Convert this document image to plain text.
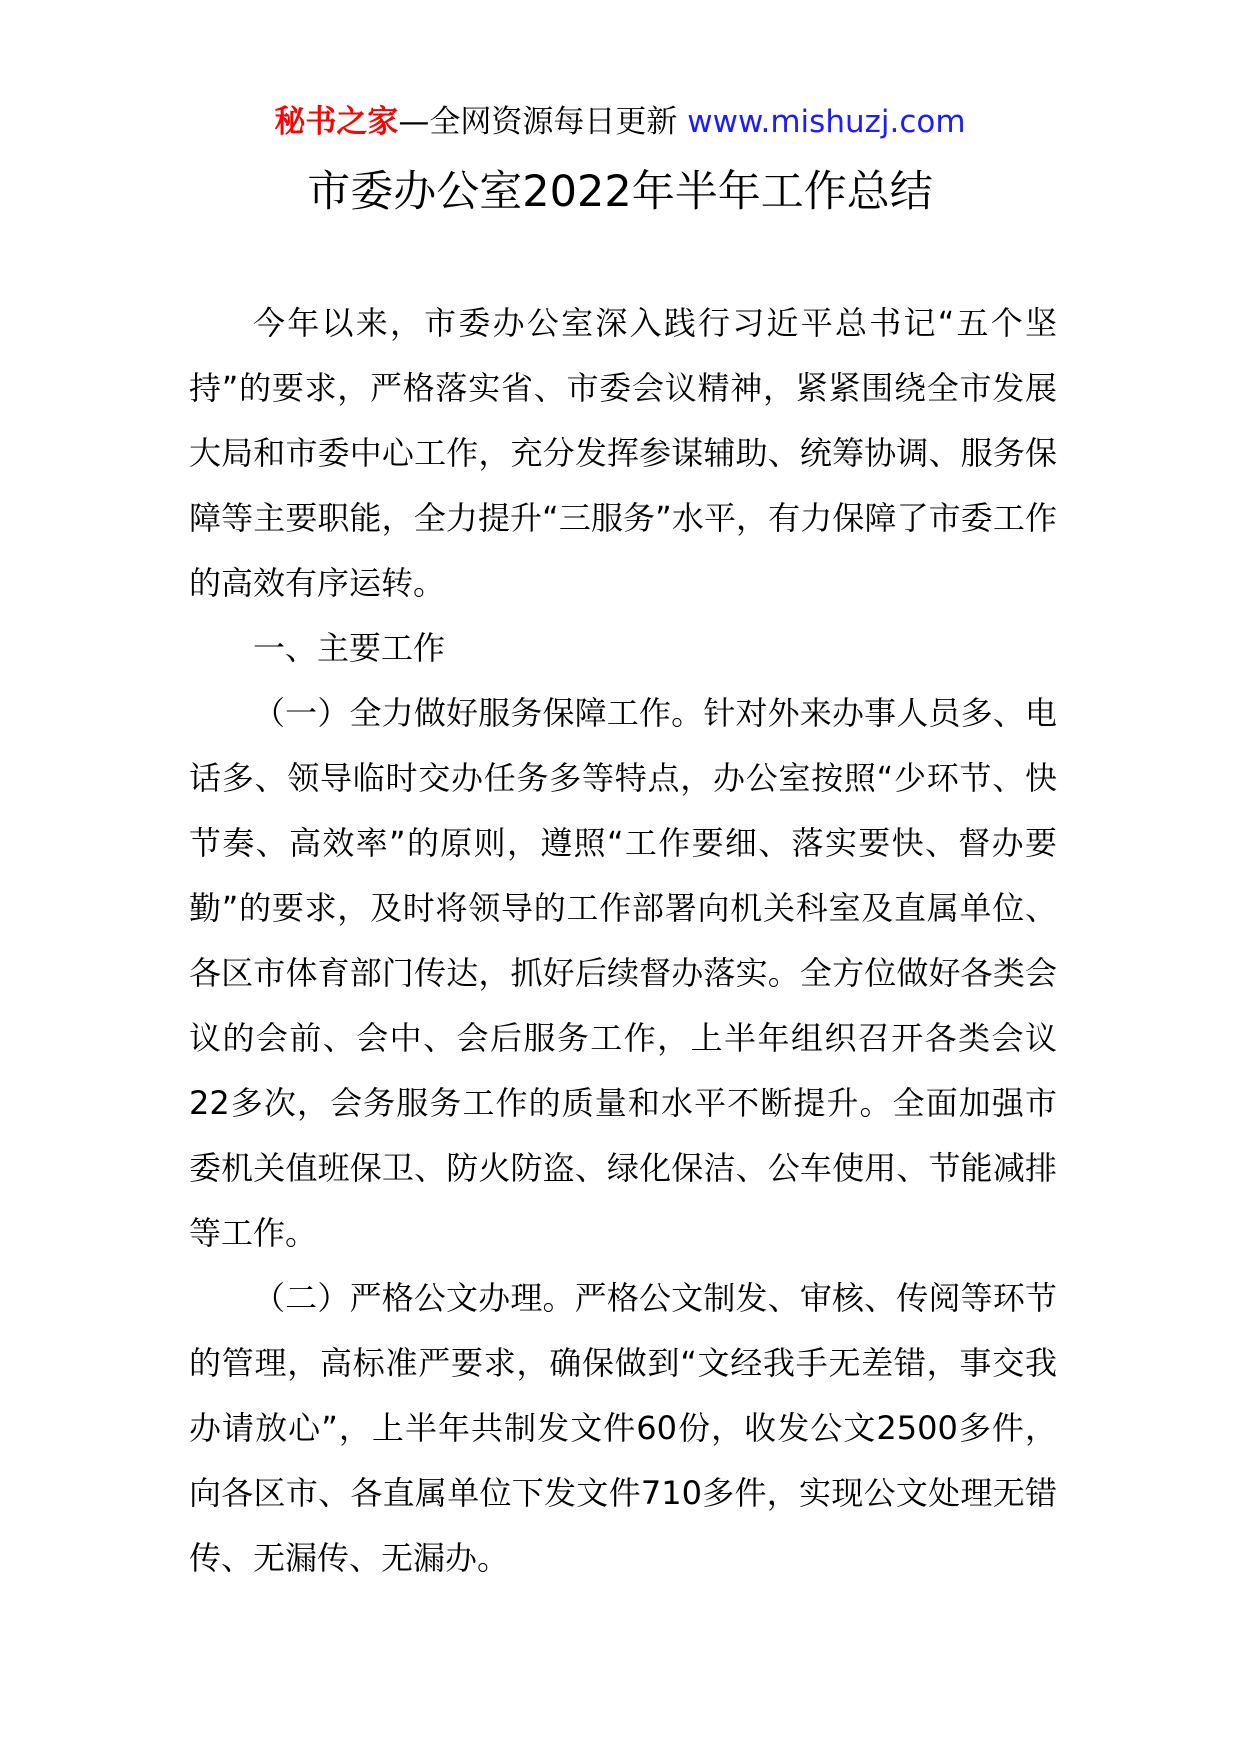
秘书之家—全网资源每日更新 www.mishuzj.com
市委办公室2022年半年工作总结

今年以来，市委办公室深入践行习近平总书记“五个坚持”的要求，严格落实省、市委会议精神，紧紧围绕全市发展大局和市委中心工作，充分发挥参谋辅助、统筹协调、服务保障等主要职能，全力提升“三服务”水平，有力保障了市委工作的高效有序运转。

一、主要工作

（一）全力做好服务保障工作。针对外来办事人员多、电话多、领导临时交办任务多等特点，办公室按照“少环节、快节奏、高效率”的原则，遵照“工作要细、落实要快、督办要勤”的要求，及时将领导的工作部署向机关科室及直属单位、各区市体育部门传达，抓好后续督办落实。全方位做好各类会议的会前、会中、会后服务工作，上半年组织召开各类会议22多次，会务服务工作的质量和水平不断提升。全面加强市委机关值班保卫、防火防盗、绿化保洁、公车使用、节能减排等工作。

（二）严格公文办理。严格公文制发、审核、传阅等环节的管理，高标准严要求，确保做到“文经我手无差错，事交我办请放心”，上半年共制发文件60份，收发公文2500多件，向各区市、各直属单位下发文件710多件，实现公文处理无错传、无漏传、无漏办。
